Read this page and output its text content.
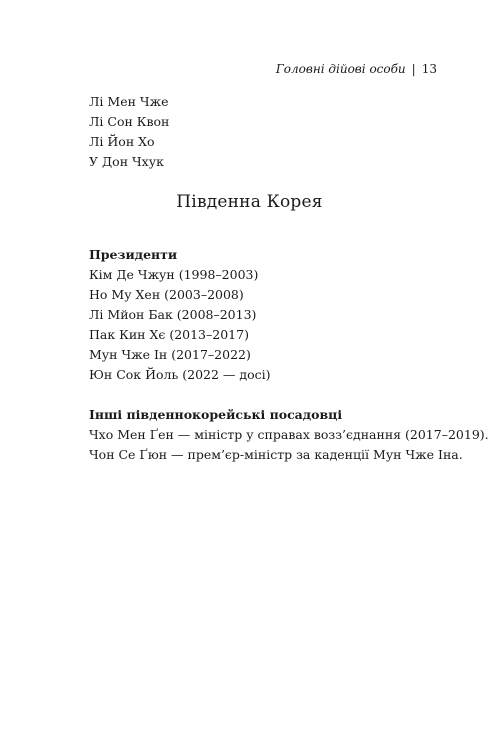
Головні дійові особи | 13
Лі Мен Чже
Лі Сон Квон
Лі Йон Хо
У Дон Чхук
Південна Корея
Президенти
Кім Де Чжун (1998–2003)
Но Му Хен (2003–2008)
Лі Мйон Бак (2008–2013)
Пак Кин Хє (2013–2017)
Мун Чже Ін (2017–2022)
Юн Сок Йоль (2022 — досі)
Інші південнокорейські посадовці
Чхо Мен Ґен — міністр у справах возз’єднання (2017–2019).
Чон Се Ґюн — прем’єр-міністр за каденції Мун Чже Іна.
